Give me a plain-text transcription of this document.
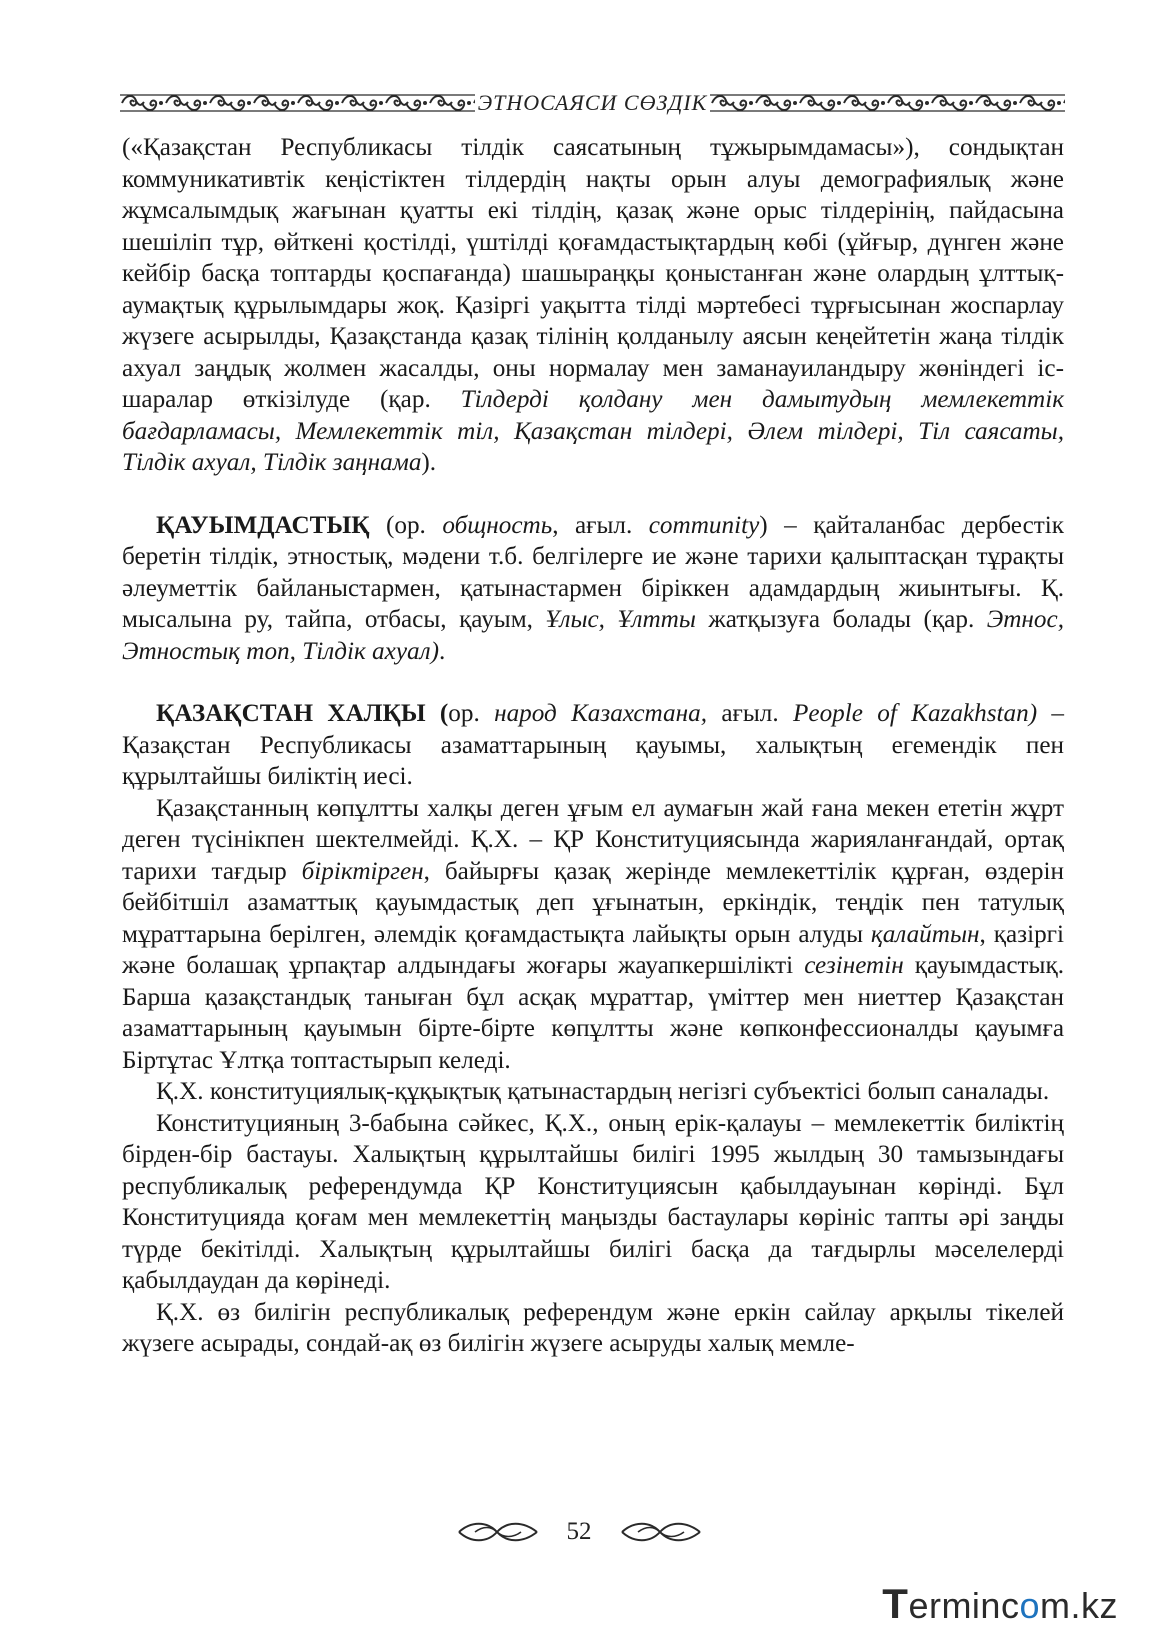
ЭТНОСАЯСИ СӨЗДІК

(«Қазақстан Республикасы тілдік саясатының тұжырымдамасы»), сондықтан коммуникативтік кеңістіктен тілдердің нақты орын алуы демографиялық және жұмсалымдық жағынан қуатты екі тілдің, қазақ және орыс тілдерінің, пайдасына шешіліп тұр, өйткені қостілді, үштілді қоғамдастықтардың көбі (ұйғыр, дүнген және кейбір басқа топтарды қоспағанда) шашыраңқы қоныстанған және олардың ұлттық-аумақтық құрылымдары жоқ. Қазіргі уақытта тілді мәртебесі тұрғысынан жоспарлау жүзеге асырылды, Қазақстанда қазақ тілінің қолданылу аясын кеңейтетін жаңа тілдік ахуал заңдық жолмен жасалды, оны нормалау мен заманауиландыру жөніндегі іс-шаралар өткізілуде (қар. Тілдерді қолдану мен дамытудың мемлекеттік бағдарламасы, Мемлекеттік тіл, Қазақстан тілдері, Әлем тілдері, Тіл саясаты, Тілдік ахуал, Тілдік заңнама).

ҚАУЫМДАСТЫҚ (ор. общность, ағыл. community) – қайталанбас дербестік беретін тілдік, этностық, мәдени т.б. белгілерге ие және тарихи қалыптасқан тұрақты әлеуметтік байланыстармен, қатынастармен біріккен адамдардың жиынтығы. Қ. мысалына ру, тайпа, отбасы, қауым, Ұлыс, Ұлтты жатқызуға болады (қар. Этнос, Этностық топ, Тілдік ахуал).

ҚАЗАҚСТАН ХАЛҚЫ (ор. народ Казахстана, ағыл. People of Kazakhstan) – Қазақстан Республикасы азаматтарының қауымы, халықтың егемендік пен құрылтайшы биліктің иесі.

Қазақстанның көпұлтты халқы деген ұғым ел аумағын жай ғана мекен ететін жұрт деген түсінікпен шектелмейді. Қ.Х. – ҚР Конституциясында жарияланғандай, ортақ тарихи тағдыр біріктірген, байырғы қазақ жерінде мемлекеттілік құрған, өздерін бейбітшіл азаматтық қауымдастық деп ұғынатын, еркіндік, теңдік пен татулық мұраттарына берілген, әлемдік қоғамдастықта лайықты орын алуды қалайтын, қазіргі және болашақ ұрпақтар алдындағы жоғары жауапкершілікті сезінетін қауымдастық. Барша қазақстандық таныған бұл асқақ мұраттар, үміттер мен ниеттер Қазақстан азаматтарының қауымын бірте-бірте көпұлтты және көпконфессионалды қауымға Біртұтас Ұлтқа топтастырып келеді.

Қ.Х. конституциялық-құқықтық қатынастардың негізгі субъектісі болып саналады.

Конституцияның 3-бабына сәйкес, Қ.Х., оның ерік-қалауы – мемлекеттік биліктің бірден-бір бастауы. Халықтың құрылтайшы билігі 1995 жылдың 30 тамызындағы республикалық референдумда ҚР Конституциясын қабылдауынан көрінді. Бұл Конституцияда қоғам мен мемлекеттің маңызды бастаулары көрініс тапты әрі заңды түрде бекітілді. Халықтың құрылтайшы билігі басқа да тағдырлы мәселелерді қабылдаудан да көрінеді.

Қ.Х. өз билігін республикалық референдум және еркін сайлау арқылы тікелей жүзеге асырады, сондай-ақ өз билігін жүзеге асыруды халық мемле-

52
Termincom.kz
